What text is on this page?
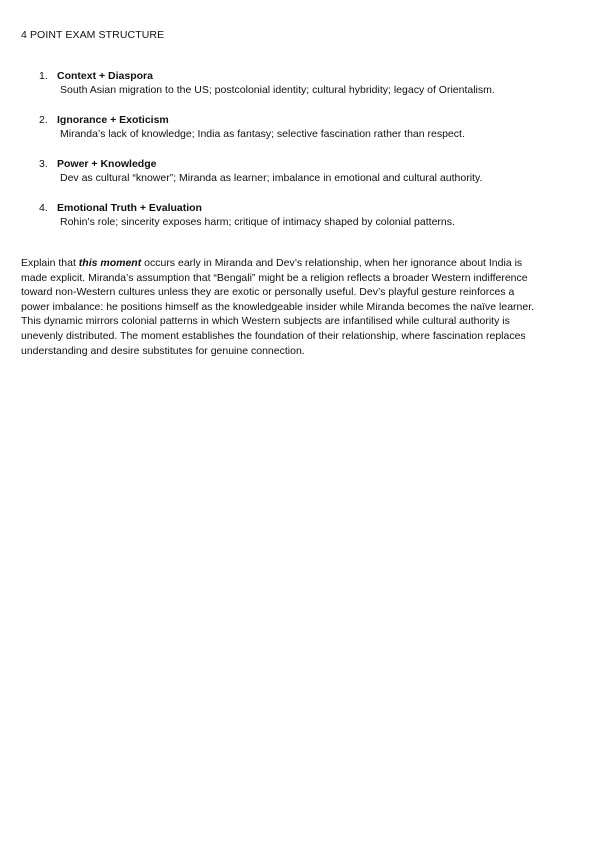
4 POINT EXAM STRUCTURE
1. Context + Diaspora
South Asian migration to the US; postcolonial identity; cultural hybridity; legacy of Orientalism.
2. Ignorance + Exoticism
Miranda’s lack of knowledge; India as fantasy; selective fascination rather than respect.
3. Power + Knowledge
Dev as cultural “knower”; Miranda as learner; imbalance in emotional and cultural authority.
4. Emotional Truth + Evaluation
Rohin’s role; sincerity exposes harm; critique of intimacy shaped by colonial patterns.

Explain that this moment occurs early in Miranda and Dev’s relationship, when her ignorance about India is made explicit. Miranda’s assumption that “Bengali” might be a religion reflects a broader Western indifference toward non-Western cultures unless they are exotic or personally useful. Dev’s playful gesture reinforces a power imbalance: he positions himself as the knowledgeable insider while Miranda becomes the naïve learner. This dynamic mirrors colonial patterns in which Western subjects are infantilised while cultural authority is unevenly distributed. The moment establishes the foundation of their relationship, where fascination replaces understanding and desire substitutes for genuine connection.
